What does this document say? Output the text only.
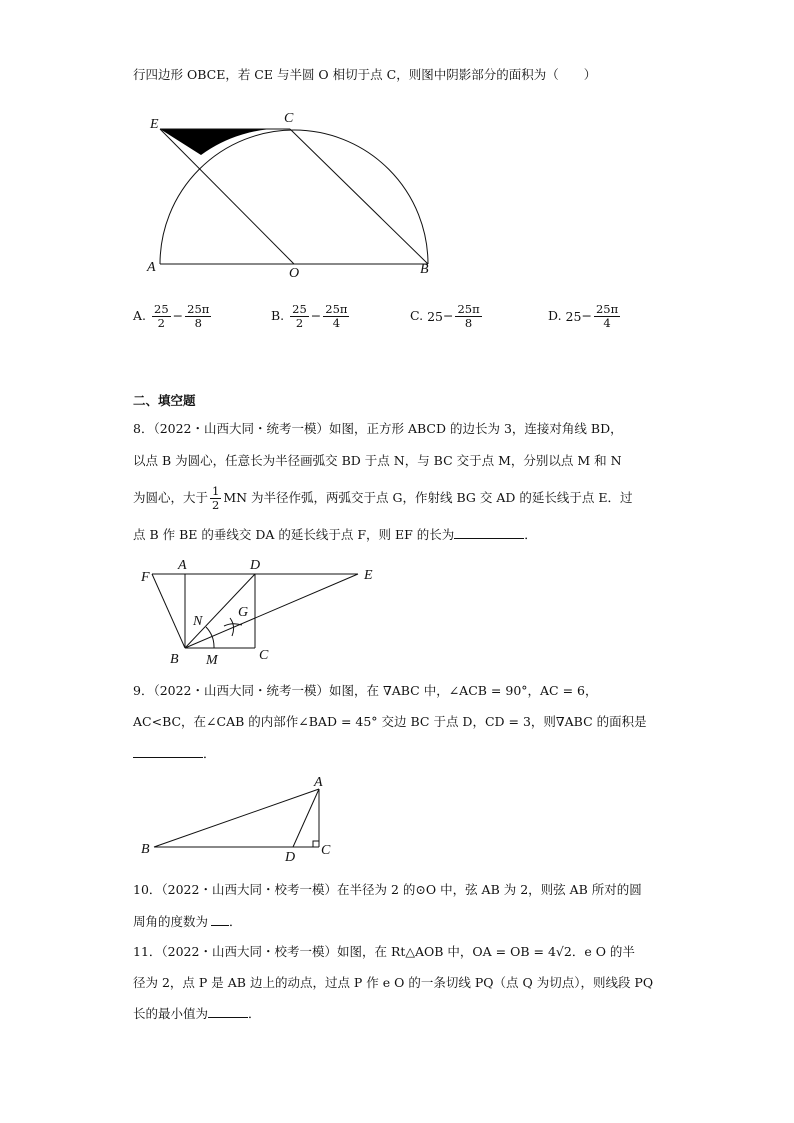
行四边形 OBCE，若 CE 与半圆 O 相切于点 C，则图中阴影部分的面积为（　　）
E	C
A	O	B
A. $\frac{25}{2} - \frac{25\pi}{8}$	B. $\frac{25}{2} - \frac{25\pi}{4}$	C. $25- \frac{25\pi}{8}$	D. $25- \frac{25\pi}{4}$
二、填空题
8．（2022・山西大同・统考一模）如图，正方形 ABCD 的边长为 3，连接对角线 BD，
以点 B 为圆心，任意长为半径画弧交 BD 于点 N，与 BC 交于点 M，分别以点 M 和 N
为圆心，大于 $\frac{1}{2}$ MN 为半径作弧，两弧交于点 G，作射线 BG 交 AD 的延长线于点 E．过
点 B 作 BE 的垂线交 DA 的延长线于点 F，则 EF 的长为	．
F
A	D
E
N
G
B M	C
9．（2022・山西大同・统考一模）如图，在 ∇ABC 中，∠ACB = 90°，AC = 6，
AC<BC，在∠CAB 的内部作∠BAD = 45° 交边 BC 于点 D，CD = 3，则∇ABC 的面积是
．
A
B
D C
10．（2022・山西大同・校考一模）在半径为 2 的⊙O 中，弦 AB 为 2，则弦 AB 所对的圆
周角的度数为 ．
11．（2022・山西大同・校考一模）如图，在 Rt△AOB 中，OA = OB = 4√2．e O 的半
径为 2，点 P 是 AB 边上的动点，过点 P 作 e O 的一条切线 PQ（点 Q 为切点），则线段 PQ
长的最小值为	．
